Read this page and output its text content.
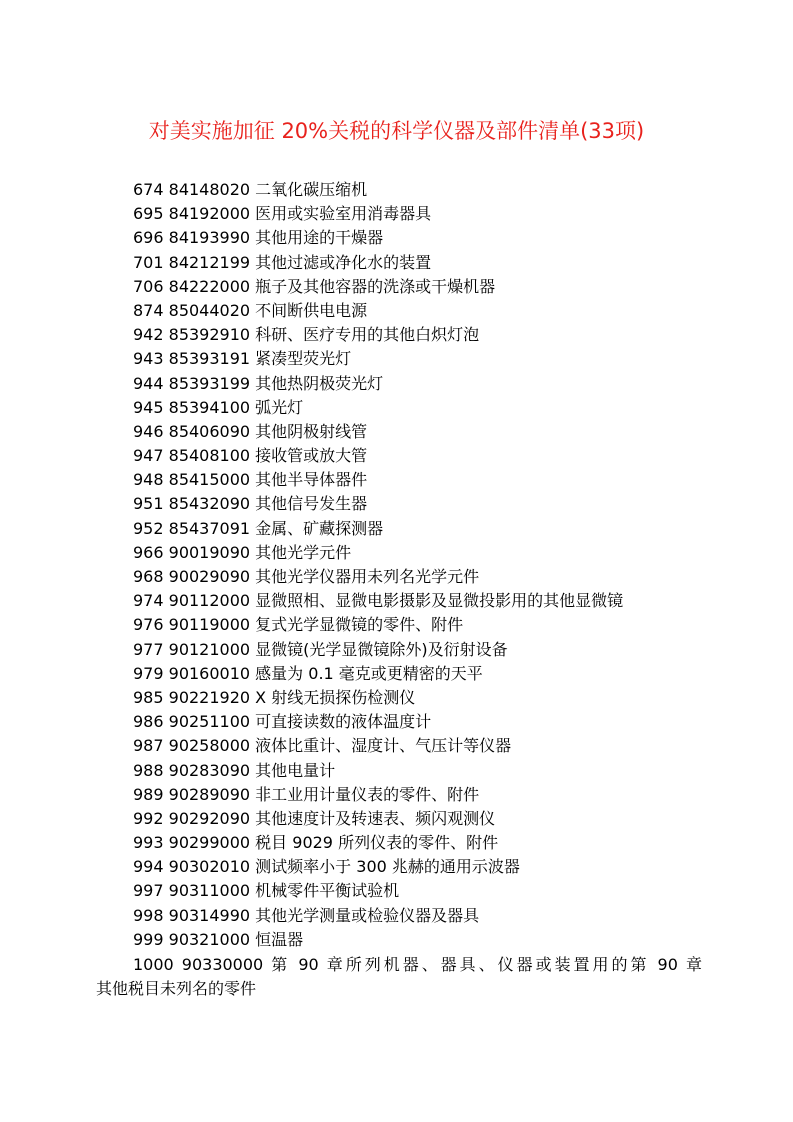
对美实施加征 20%关税的科学仪器及部件清单(33项)
674 84148020 二氧化碳压缩机
695 84192000 医用或实验室用消毒器具
696 84193990 其他用途的干燥器
701 84212199 其他过滤或净化水的装置
706 84222000 瓶子及其他容器的洗涤或干燥机器
874 85044020 不间断供电电源
942 85392910 科研、医疗专用的其他白炽灯泡
943 85393191 紧凑型荧光灯
944 85393199 其他热阴极荧光灯
945 85394100 弧光灯
946 85406090 其他阴极射线管
947 85408100 接收管或放大管
948 85415000 其他半导体器件
951 85432090 其他信号发生器
952 85437091 金属、矿藏探测器
966 90019090 其他光学元件
968 90029090 其他光学仪器用未列名光学元件
974 90112000 显微照相、显微电影摄影及显微投影用的其他显微镜
976 90119000 复式光学显微镜的零件、附件
977 90121000 显微镜(光学显微镜除外)及衍射设备
979 90160010 感量为 0.1 毫克或更精密的天平
985 90221920 X 射线无损探伤检测仪
986 90251100 可直接读数的液体温度计
987 90258000 液体比重计、湿度计、气压计等仪器
988 90283090 其他电量计
989 90289090 非工业用计量仪表的零件、附件
992 90292090 其他速度计及转速表、频闪观测仪
993 90299000 税目 9029 所列仪表的零件、附件
994 90302010 测试频率小于 300 兆赫的通用示波器
997 90311000 机械零件平衡试验机
998 90314990 其他光学测量或检验仪器及器具
999 90321000 恒温器
1000 90330000 第 90 章所列机器、器具、仪器或装置用的第 90 章
其他税目未列名的零件
